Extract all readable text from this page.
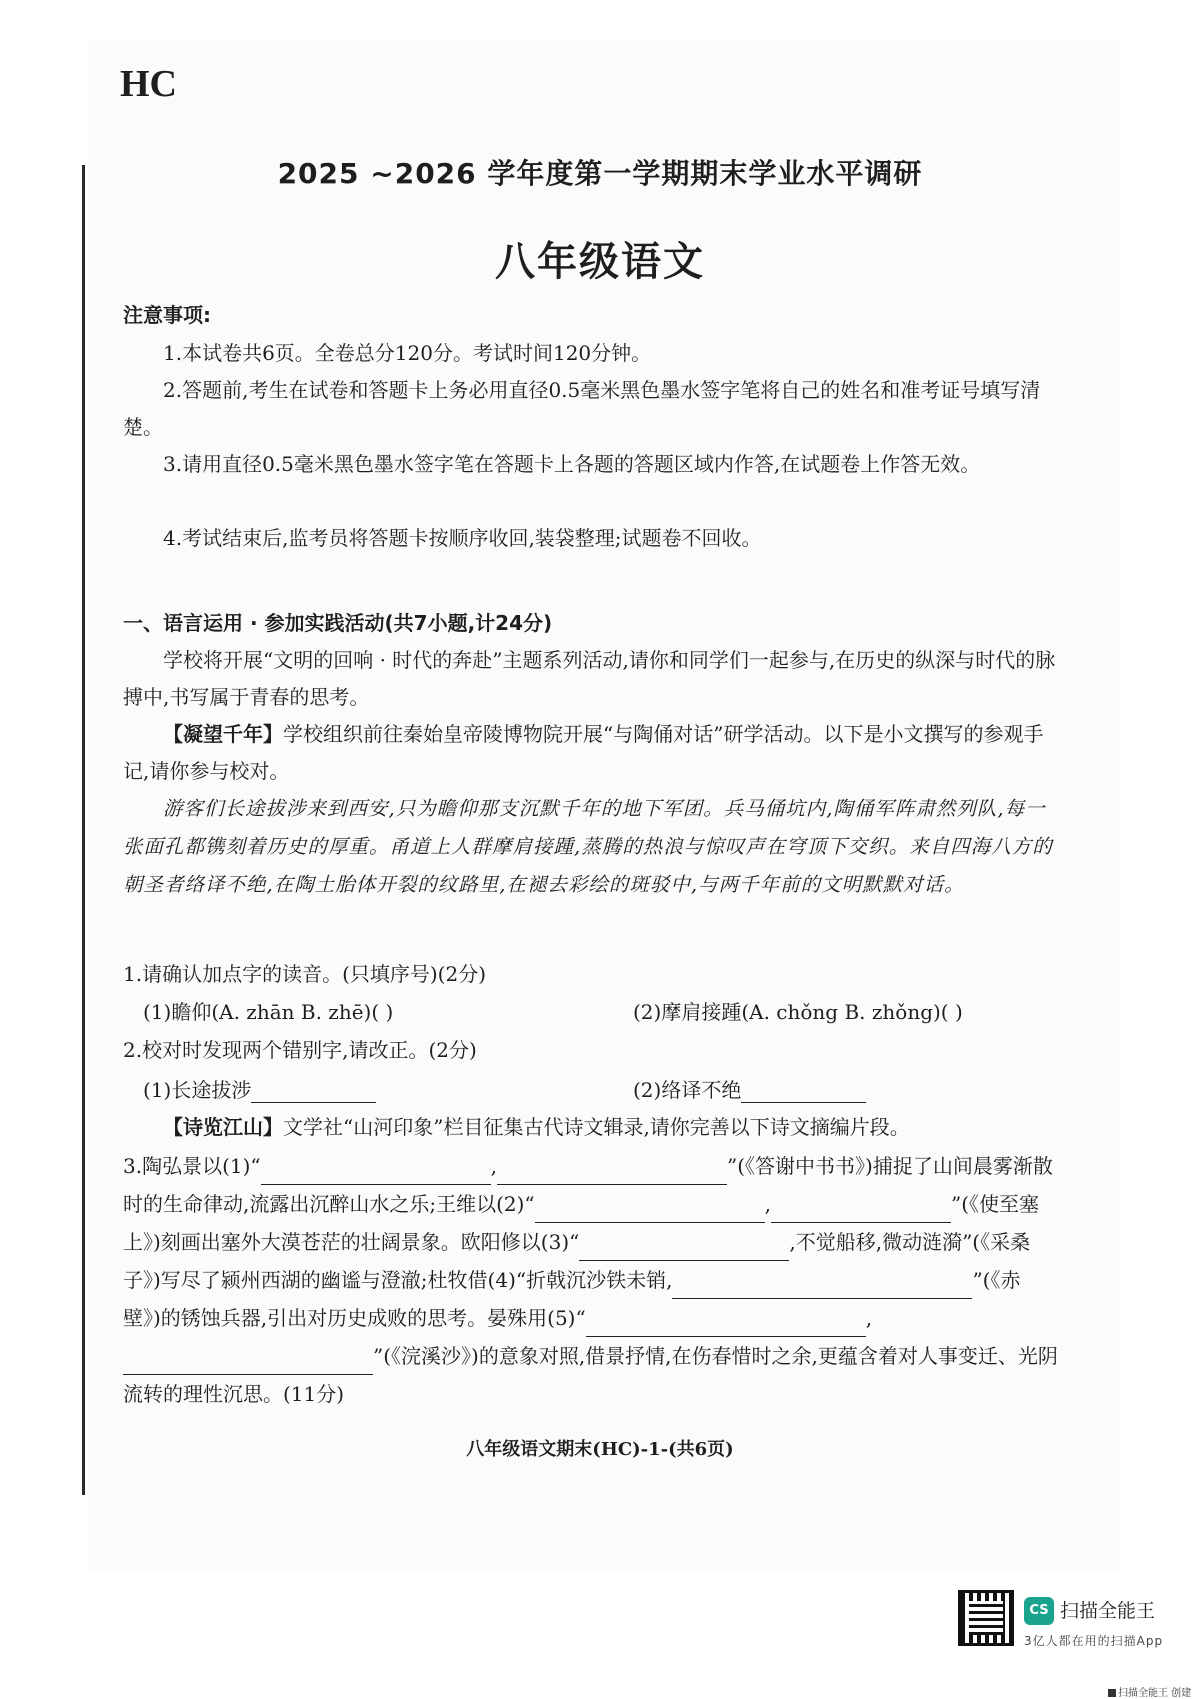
HC
2025 ~2026 学年度第一学期期末学业水平调研
八年级语文
注意事项:
1.本试卷共6页。全卷总分120分。考试时间120分钟。
2.答题前,考生在试卷和答题卡上务必用直径0.5毫米黑色墨水签字笔将自己的姓名和准考证号填写清楚。
3.请用直径0.5毫米黑色墨水签字笔在答题卡上各题的答题区域内作答,在试题卷上作答无效。
4.考试结束后,监考员将答题卡按顺序收回,装袋整理;试题卷不回收。
一、语言运用 · 参加实践活动(共7小题,计24分)
学校将开展“文明的回响 · 时代的奔赴”主题系列活动,请你和同学们一起参与,在历史的纵深与时代的脉搏中,书写属于青春的思考。
【凝望千年】学校组织前往秦始皇帝陵博物院开展“与陶俑对话”研学活动。以下是小文撰写的参观手记,请你参与校对。
游客们长途拔涉来到西安,只为瞻仰那支沉默千年的地下军团。兵马俑坑内,陶俑军阵肃然列队,每一张面孔都镌刻着历史的厚重。甬道上人群摩肩接踵,蒸腾的热浪与惊叹声在穹顶下交织。来自四海八方的朝圣者络译不绝,在陶土胎体开裂的纹路里,在褪去彩绘的斑驳中,与两千年前的文明默默对话。
1.请确认加点字的读音。(只填序号)(2分)
(1)瞻仰(A. zhān B. zhē)( )	(2)摩肩接踵(A. chǒng B. zhǒng)( )
2.校对时发现两个错别字,请改正。(2分)
(1)长途拔涉	(2)络译不绝
【诗览江山】文学社“山河印象”栏目征集古代诗文辑录,请你完善以下诗文摘编片段。
3.陶弘景以(1)“	,	”(《答谢中书书》)捕捉了山间晨雾渐散时的生命律动,流露出沉醉山水之乐;王维以(2)“	,	”(《使至塞上》)刻画出塞外大漠苍茫的壮阔景象。欧阳修以(3)“	,不觉船移,微动涟漪”(《采桑子》)写尽了颍州西湖的幽谧与澄澈;杜牧借(4)“折戟沉沙铁未销,	”(《赤壁》)的锈蚀兵器,引出对历史成败的思考。晏殊用(5)“	,”(《浣溪沙》)的意象对照,借景抒情,在伤春惜时之余,更蕴含着对人事变迁、光阴流转的理性沉思。(11分)
八年级语文期末(HC)-1-(共6页)
CS 扫描全能王
3亿人都在用的扫描App
扫描全能王 创建
